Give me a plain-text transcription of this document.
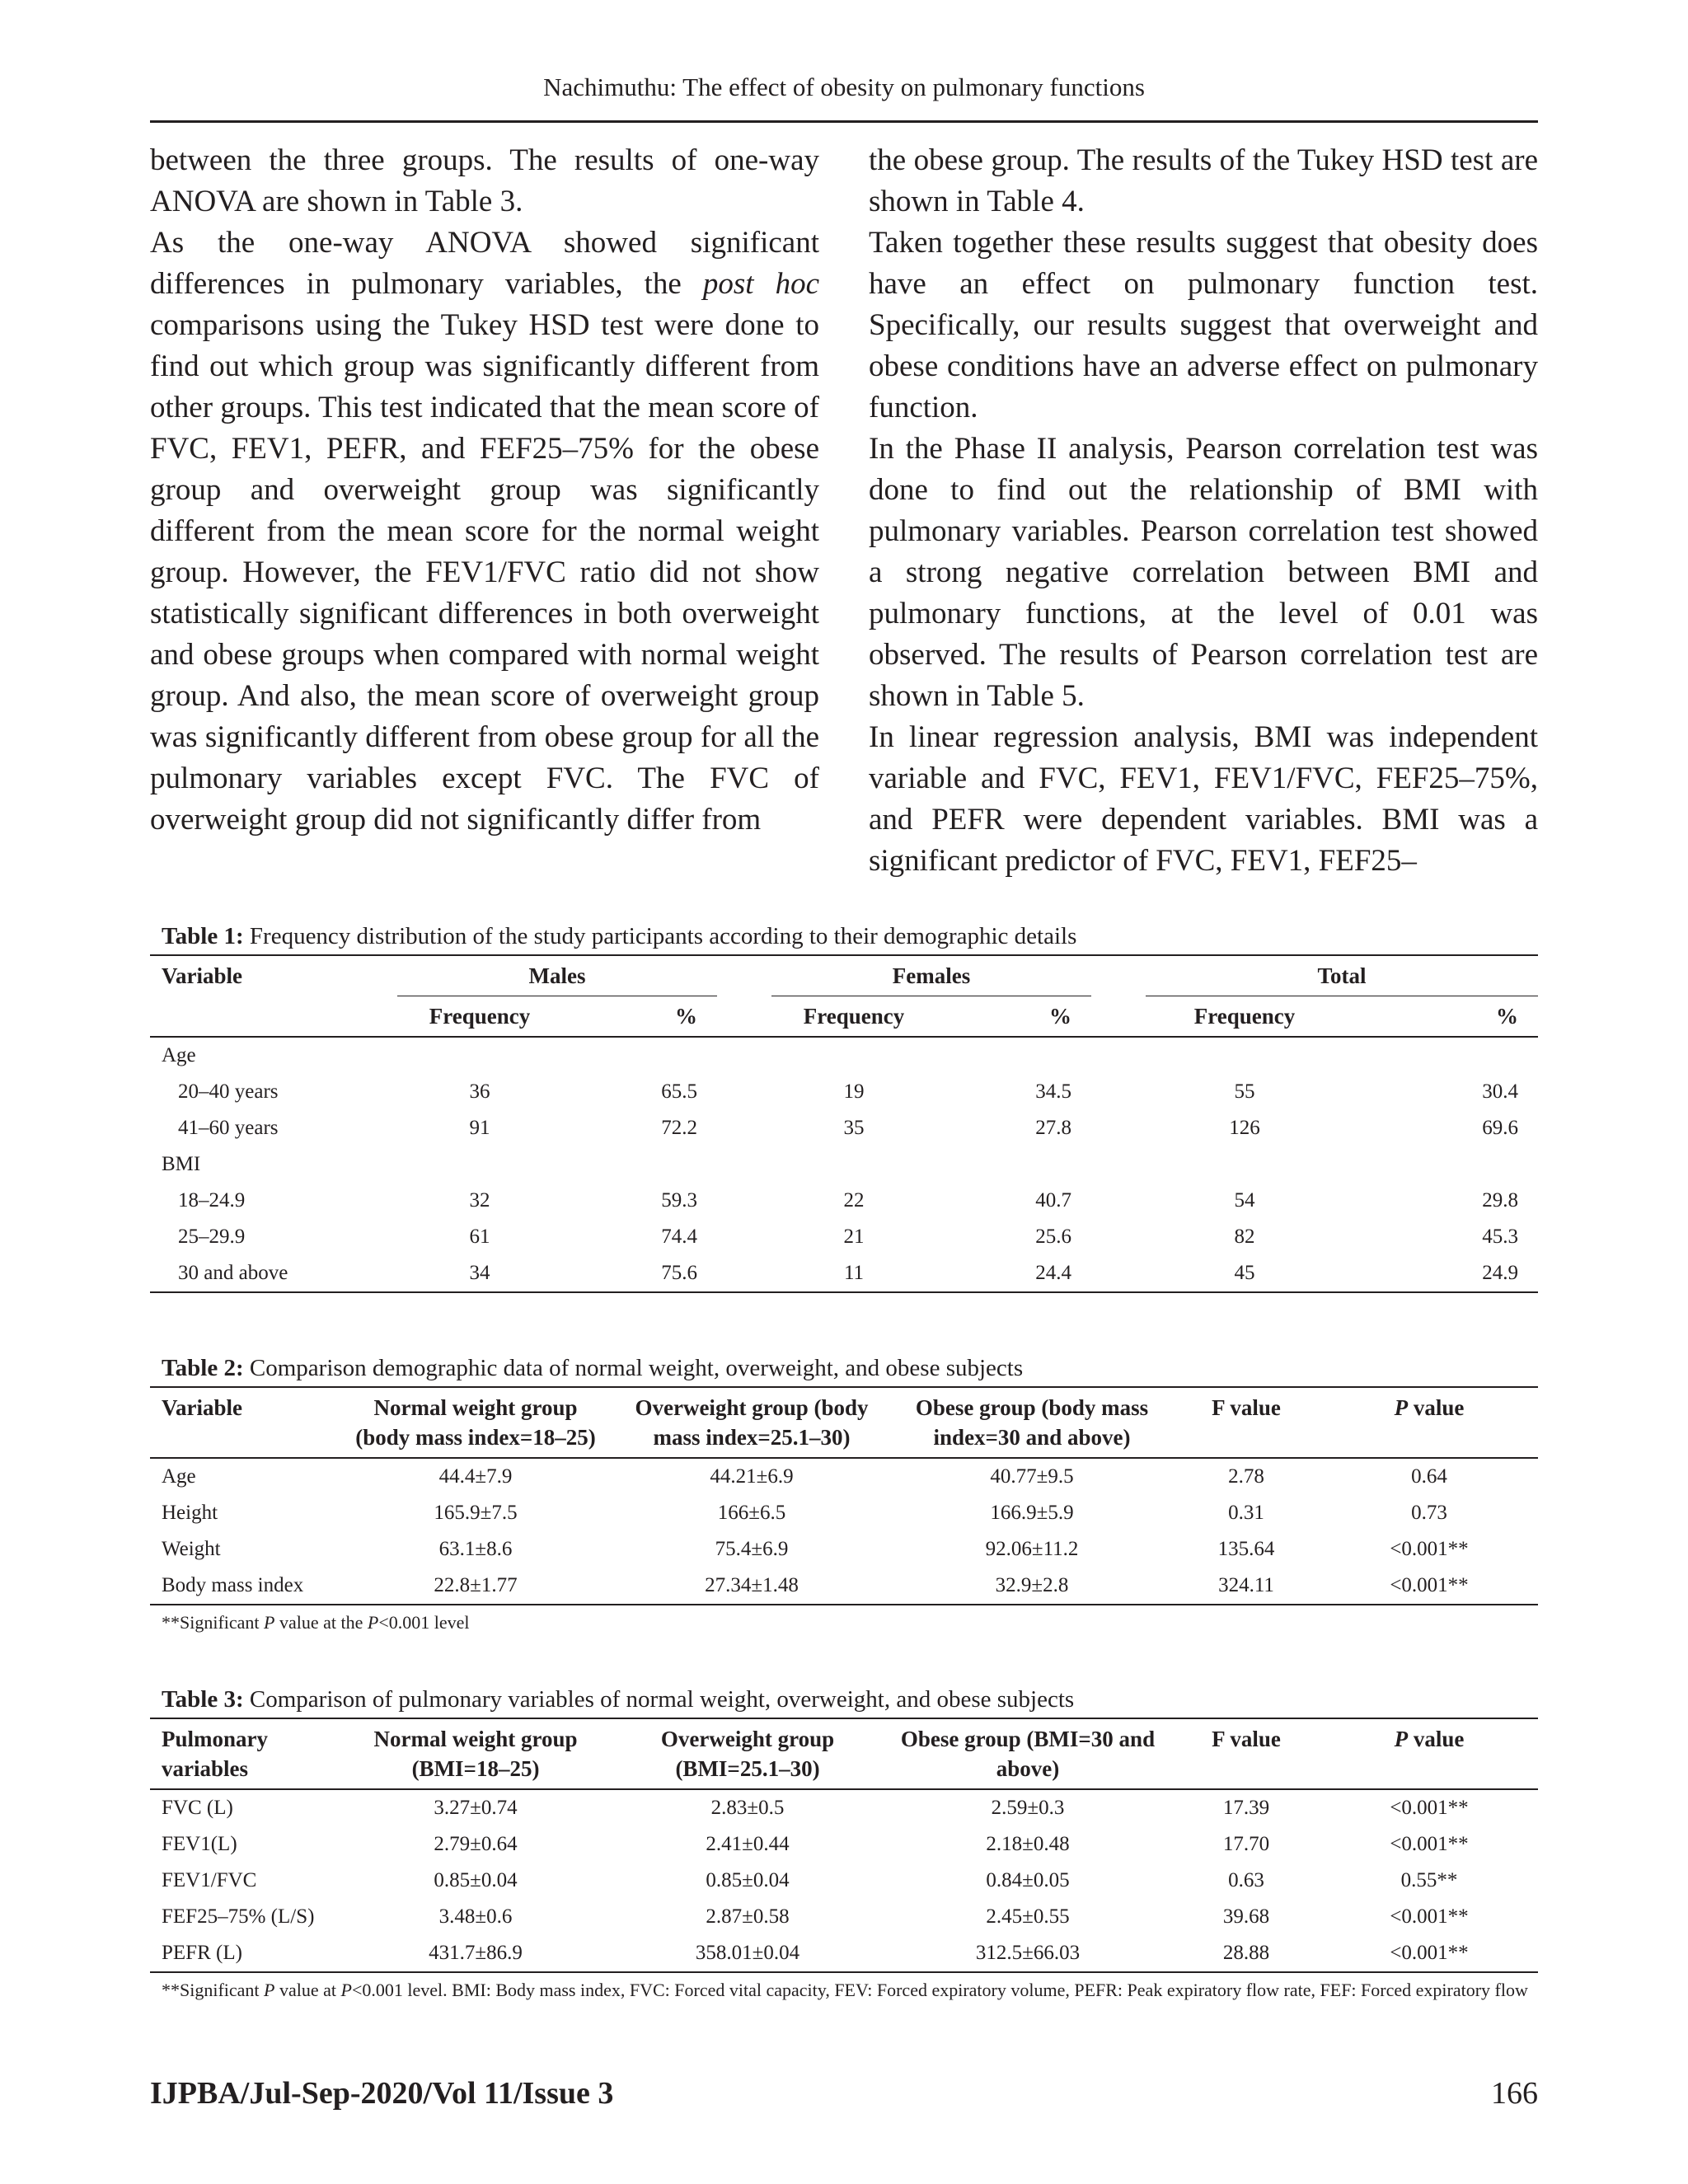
Nachimuthu: The effect of obesity on pulmonary functions

between the three groups. The results of one-way ANOVA are shown in Table 3.

As the one-way ANOVA showed significant differences in pulmonary variables, the post hoc comparisons using the Tukey HSD test were done to find out which group was significantly different from other groups. This test indicated that the mean score of FVC, FEV1, PEFR, and FEF25–75% for the obese group and overweight group was significantly different from the mean score for the normal weight group. However, the FEV1/FVC ratio did not show statistically significant differences in both overweight and obese groups when compared with normal weight group. And also, the mean score of overweight group was significantly different from obese group for all the pulmonary variables except FVC. The FVC of overweight group did not significantly differ from

the obese group. The results of the Tukey HSD test are shown in Table 4.

Taken together these results suggest that obesity does have an effect on pulmonary function test. Specifically, our results suggest that overweight and obese conditions have an adverse effect on pulmonary function.

In the Phase II analysis, Pearson correlation test was done to find out the relationship of BMI with pulmonary variables. Pearson correlation test showed a strong negative correlation between BMI and pulmonary functions, at the level of 0.01 was observed. The results of Pearson correlation test are shown in Table 5.

In linear regression analysis, BMI was independent variable and FVC, FEV1, FEV1/FVC, FEF25–75%, and PEFR were dependent variables. BMI was a significant predictor of FVC, FEV1, FEF25–

Table 1: Frequency distribution of the study participants according to their demographic details
Variable	Males			Females			Total	
	Frequency	%		Frequency	%		Frequency	%
Age								
20–40 years	36	65.5		19	34.5		55	30.4
41–60 years	91	72.2		35	27.8		126	69.6
BMI								
18–24.9	32	59.3		22	40.7		54	29.8
25–29.9	61	74.4		21	25.6		82	45.3
30 and above	34	75.6		11	24.4		45	24.9
Table 2: Comparison demographic data of normal weight, overweight, and obese subjects
Variable	Normal weight group (body mass index=18–25)	Overweight group (body mass index=25.1–30)	Obese group (body mass index=30 and above)	F value	P value
Age	44.4±7.9	44.21±6.9	40.77±9.5	2.78	0.64
Height	165.9±7.5	166±6.5	166.9±5.9	0.31	0.73
Weight	63.1±8.6	75.4±6.9	92.06±11.2	135.64	<0.001**
Body mass index	22.8±1.77	27.34±1.48	32.9±2.8	324.11	<0.001**
**Significant P value at the P<0.001 level
Table 3: Comparison of pulmonary variables of normal weight, overweight, and obese subjects
Pulmonary variables	Normal weight group (BMI=18–25)	Overweight group (BMI=25.1–30)	Obese group (BMI=30 and above)	F value	P value
FVC (L)	3.27±0.74	2.83±0.5	2.59±0.3	17.39	<0.001**
FEV1(L)	2.79±0.64	2.41±0.44	2.18±0.48	17.70	<0.001**
FEV1/FVC	0.85±0.04	0.85±0.04	0.84±0.05	0.63	0.55**
FEF25–75% (L/S)	3.48±0.6	2.87±0.58	2.45±0.55	39.68	<0.001**
PEFR (L)	431.7±86.9	358.01±0.04	312.5±66.03	28.88	<0.001**
**Significant P value at P<0.001 level. BMI: Body mass index, FVC: Forced vital capacity, FEV: Forced expiratory volume, PEFR: Peak expiratory flow rate, FEF: Forced expiratory flow
IJPBA/Jul-Sep-2020/Vol 11/Issue 3	166
